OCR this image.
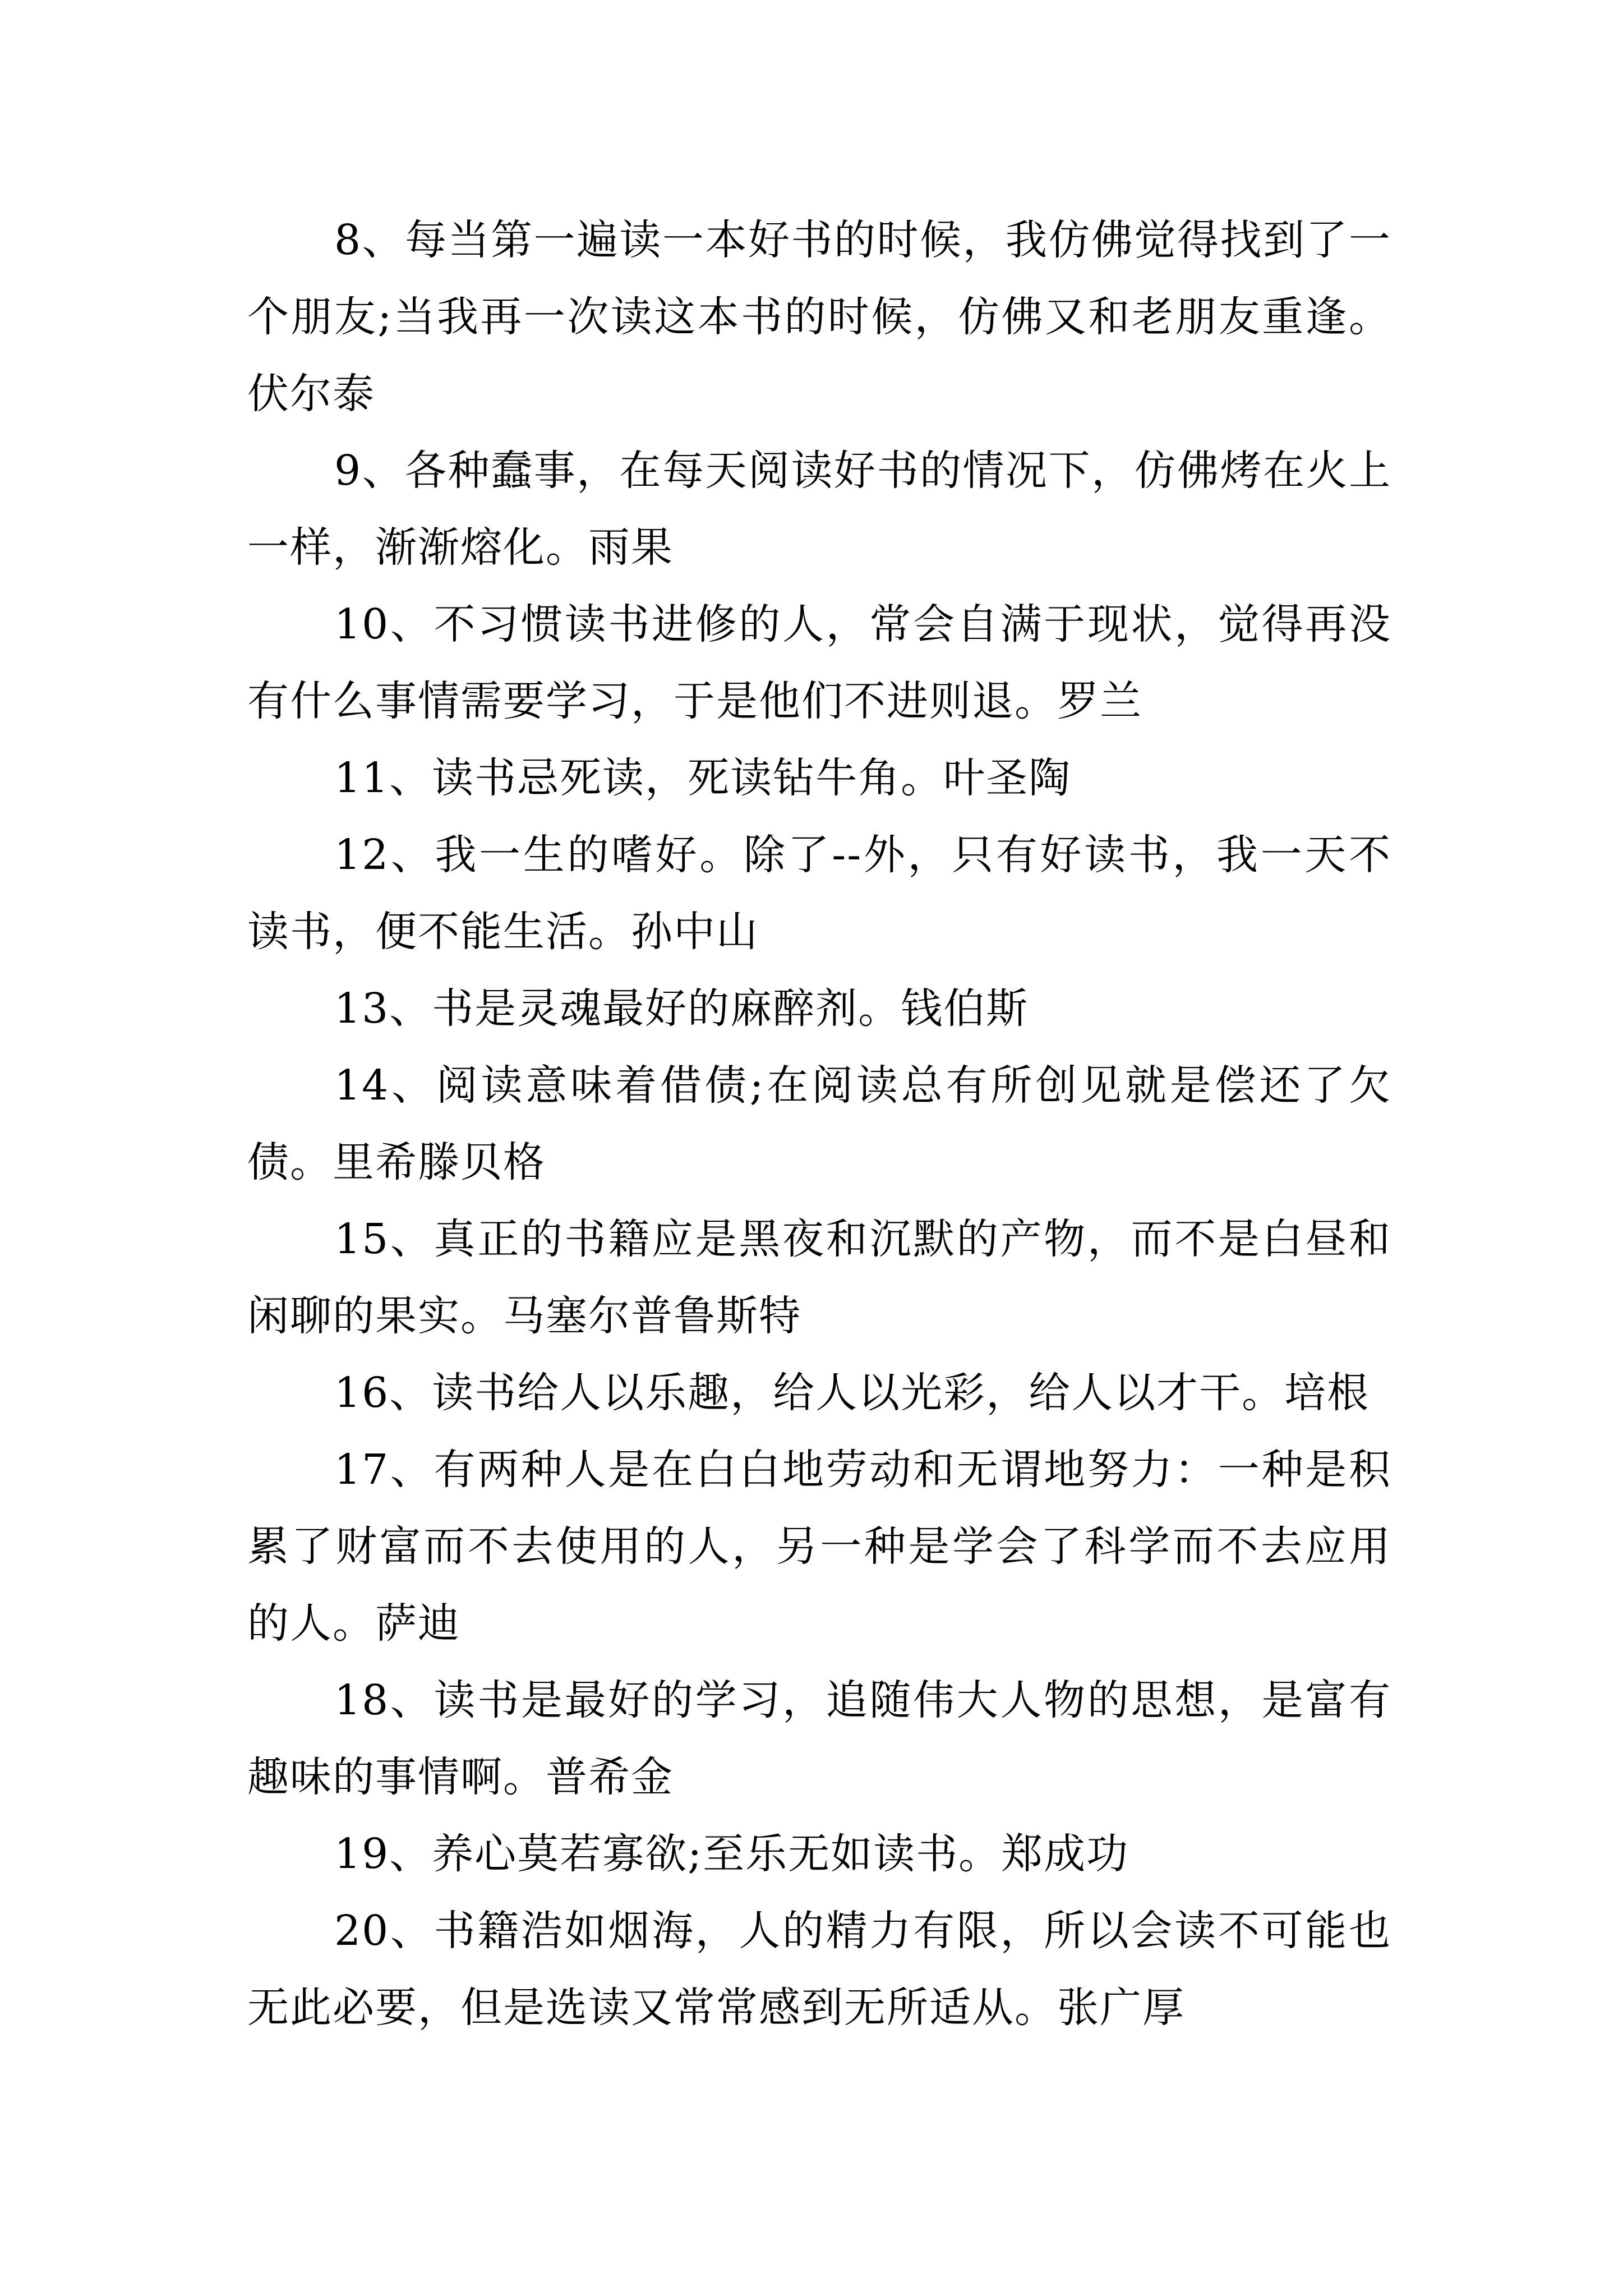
8、每当第一遍读一本好书的时候，我仿佛觉得找到了一个朋友;当我再一次读这本书的时候，仿佛又和老朋友重逢。伏尔泰

9、各种蠢事，在每天阅读好书的情况下，仿佛烤在火上一样，渐渐熔化。雨果

10、不习惯读书进修的人，常会自满于现状，觉得再没有什么事情需要学习，于是他们不进则退。罗兰

11、读书忌死读，死读钻牛角。叶圣陶

12、我一生的嗜好。除了--外，只有好读书，我一天不读书，便不能生活。孙中山

13、书是灵魂最好的麻醉剂。钱伯斯

14、阅读意味着借债;在阅读总有所创见就是偿还了欠债。里希滕贝格

15、真正的书籍应是黑夜和沉默的产物，而不是白昼和闲聊的果实。马塞尔普鲁斯特

16、读书给人以乐趣，给人以光彩，给人以才干。培根

17、有两种人是在白白地劳动和无谓地努力：一种是积累了财富而不去使用的人，另一种是学会了科学而不去应用的人。萨迪

18、读书是最好的学习，追随伟大人物的思想，是富有趣味的事情啊。普希金

19、养心莫若寡欲;至乐无如读书。郑成功

20、书籍浩如烟海，人的精力有限，所以会读不可能也无此必要，但是选读又常常感到无所适从。张广厚
